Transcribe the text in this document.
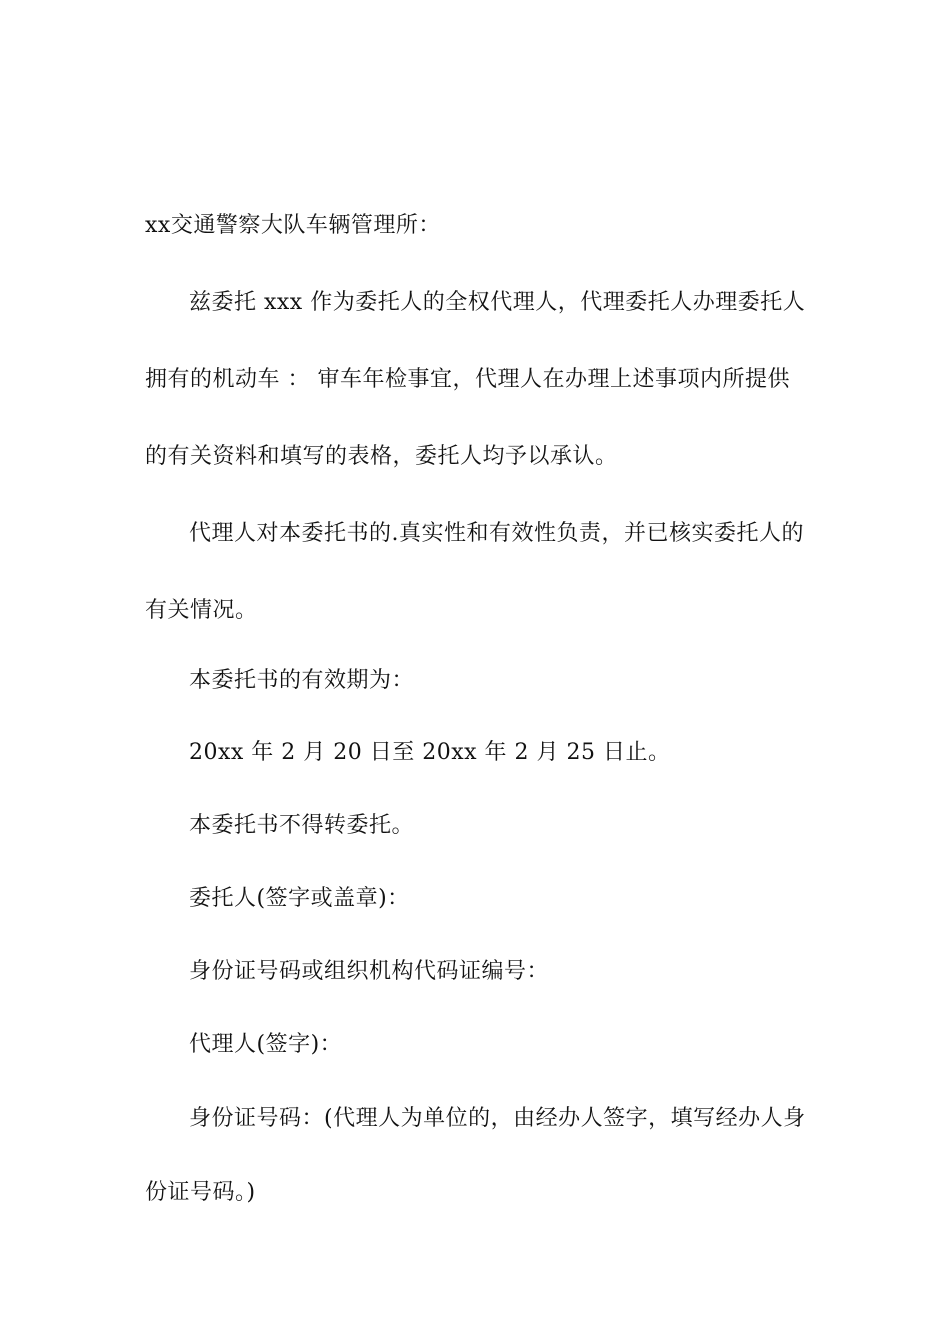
xx交通警察大队车辆管理所：
兹委托 xxx 作为委托人的全权代理人，代理委托人办理委托人
拥有的机动车 ： 审车年检事宜，代理人在办理上述事项内所提供
的有关资料和填写的表格，委托人均予以承认。
代理人对本委托书的.真实性和有效性负责，并已核实委托人的
有关情况。
本委托书的有效期为：
20xx 年 2 月 20 日至 20xx 年 2 月 25 日止。
本委托书不得转委托。
委托人(签字或盖章)：
身份证号码或组织机构代码证编号：
代理人(签字)：
身份证号码：(代理人为单位的，由经办人签字，填写经办人身
份证号码。)
